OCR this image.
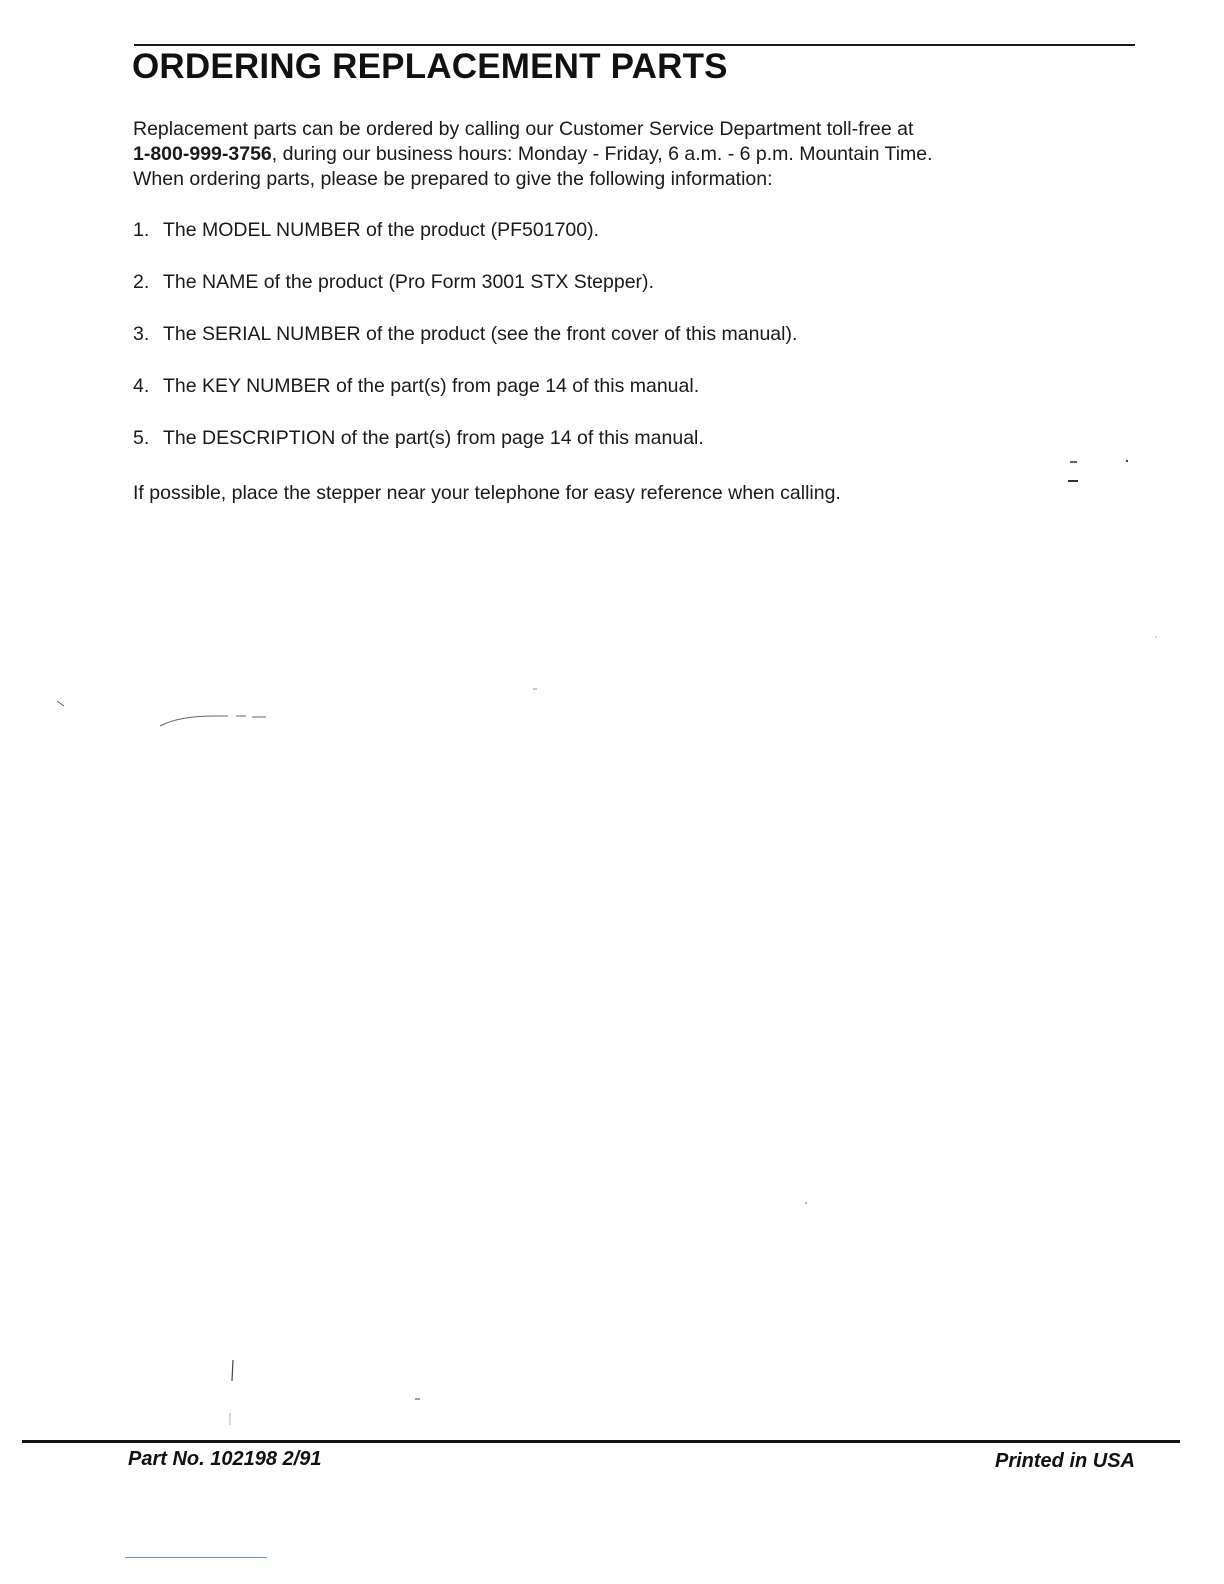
ORDERING REPLACEMENT PARTS
Replacement parts can be ordered by calling our Customer Service Department toll-free at
1-800-999-3756, during our business hours: Monday - Friday, 6 a.m. - 6 p.m. Mountain Time.
When ordering parts, please be prepared to give the following information:
1. The MODEL NUMBER of the product (PF501700).
2. The NAME of the product (Pro Form 3001 STX Stepper).
3. The SERIAL NUMBER of the product (see the front cover of this manual).
4. The KEY NUMBER of the part(s) from page 14 of this manual.
5. The DESCRIPTION of the part(s) from page 14 of this manual.
If possible, place the stepper near your telephone for easy reference when calling.
Part No. 102198 2/91	Printed in USA
